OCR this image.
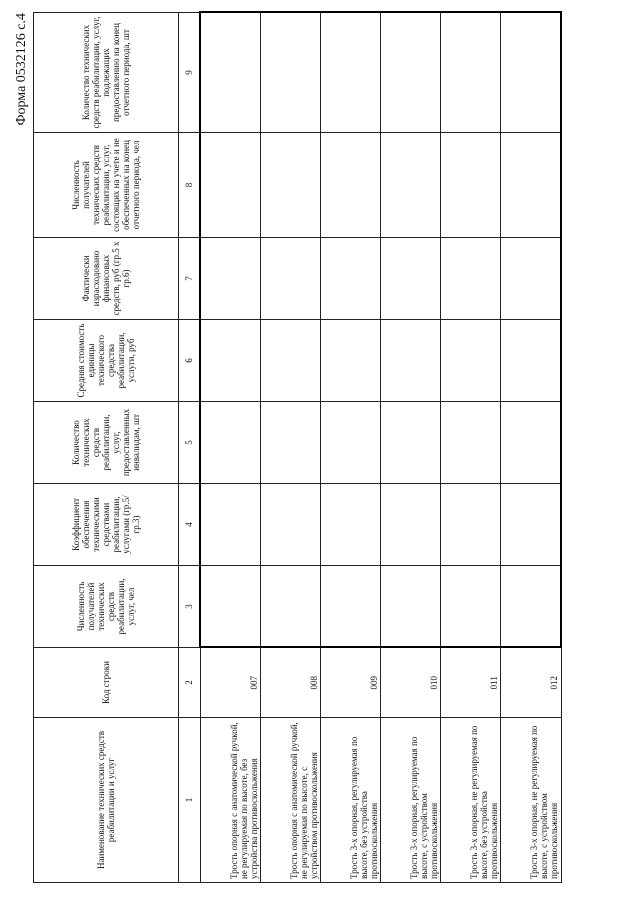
Форма 0532126 с.4
Наименование технических средств реабилитации и услуг	Код строки	Численность получателей технических средств реабилитации, услуг, чел	Коэффициент обеспечения техническими средствами реабилитации, услугами (гр.5/гр.3)	Количество технических средств реабилитации, услуг, предоставленных инвалидам, шт	Средняя стоимость единицы технического средства реабилитации, услуги, руб	Фактически израсходовано финансовых средств, руб (гр.5 х гр.6)	Численность получателей технических средств реабилитации, услуг, состоящих на учете и не обеспеченных на конец отчетного периода, чел	Количество технических средств реабилитации, услуг, подлежащих предоставлению на конец отчетного периода, шт
1	2	3	4	5	6	7	8	9
Трость опорная с анатомической ручкой, не регулируемая по высоте, без устройства противоскольжения	007							
Трость опорная с анатомической ручкой, не регулируемая по высоте, с устройством противоскольжения	008							
Трость 3-х опорная, регулируемая по высоте, без устройства противоскольжения	009							
Трость 3-х опорная, регулируемая по высоте, с устройством противоскольжения	010							
Трость 3-х опорная, не регулируемая по высоте, без устройства противоскольжения	011							
Трость 3-х опорная, не регулируемая по высоте, с устройством противоскольжения	012							
